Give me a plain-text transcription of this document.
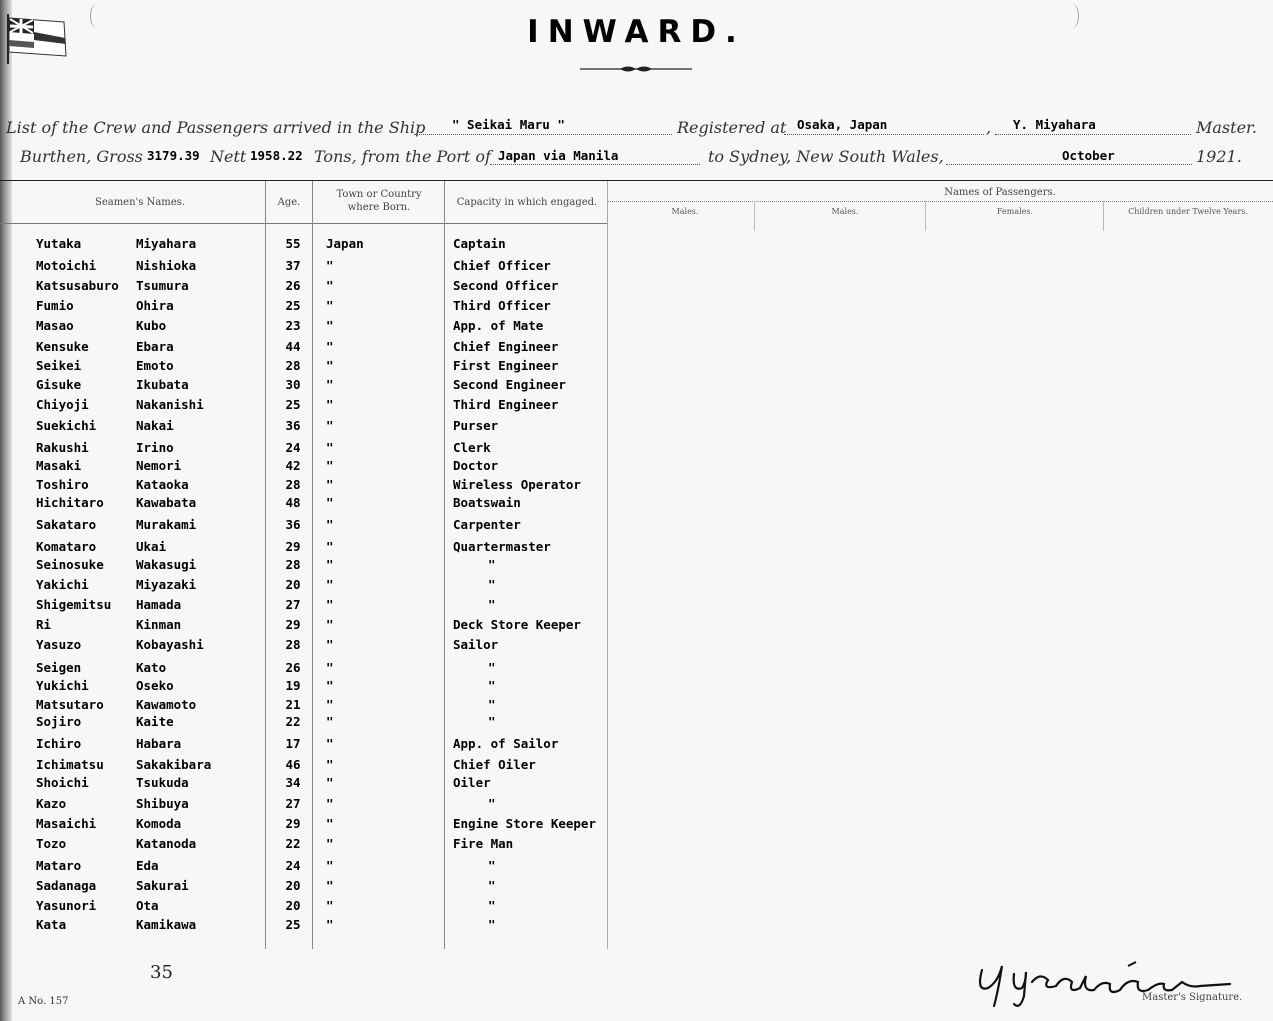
INWARD.
List of the Crew and Passengers arrived in the Ship " Seikai Maru "	Registered at Osaka, Japan	, Y. Miyahara	Master.
Burthen, Gross 3179.39 Nett 1958.22 Tons, from the Port of Japan via Manila	to Sydney, New South Wales,	October	1921.
Seamen's Names.	Age.
Town or Country where Born.	Capacity in which engaged.
Names of Passengers.
Males.	Males.	Females.	Children under Twelve Years.
Yutaka	Miyahara	55	Japan	Captain
Motoichi	Nishioka	37	"	Chief Officer
Katsusaburo Tsumura	26	"	Second Officer
Fumio	Ohira	25	"	Third Officer
Masao	Kubo	23	"	App. of Mate
Kensuke	Ebara	44	"	Chief Engineer
Seikei	Emoto	28	"	First Engineer
Gisuke	Ikubata	30	"	Second Engineer
Chiyoji	Nakanishi	25	"	Third Engineer
Suekichi	Nakai	36	"	Purser
Rakushi	Irino	24	"	Clerk
Masaki	Nemori	42	"	Doctor
Toshiro	Kataoka	28	"	Wireless Operator
Hichitaro	Kawabata	48	"	Boatswain
Sakataro	Murakami	36	"	Carpenter
Komataro	Ukai	29	"	Quartermaster
Seinosuke	Wakasugi	28	"	"
Yakichi	Miyazaki	20	"	"
Shigemitsu Hamada	27	"	"
Ri	Kinman	29	"	Deck Store Keeper
Yasuzo	Kobayashi	28	"	Sailor
Seigen	Kato	26	"	"
Yukichi	Oseko	19	"	"
Matsutaro	Kawamoto	21	"	"
Sojiro	Kaite	22	"	"
Ichiro	Habara	17	"	App. of Sailor
Ichimatsu	Sakakibara	46	"	Chief Oiler
Shoichi	Tsukuda	34	"	Oiler
Kazo	Shibuya	27	"	"
Masaichi	Komoda	29	"	Engine Store Keeper
Tozo	Katanoda	22	"	Fire Man
Mataro	Eda	24	"	"
Sadanaga	Sakurai	20	"	"
Yasunori	Ota	20	"	"
Kata	Kamikawa	25	"	"
35
A No. 157	Master's Signature.
